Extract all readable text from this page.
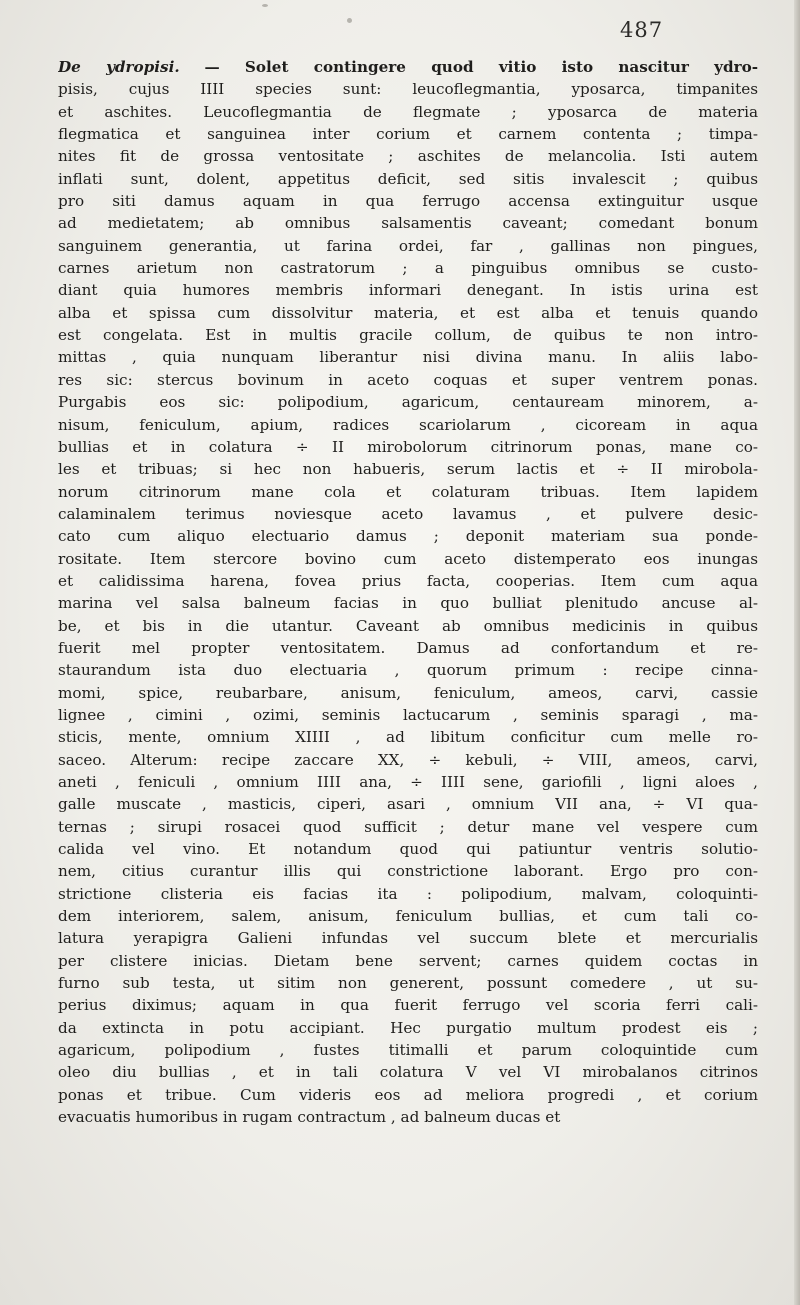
487
De ydropisi. — Solet contingere quod vitio isto nascitur ydro-
pisis, cujus IIII species sunt: leucoflegmantia, yposarca, timpanites
et aschites. Leucoflegmantia de flegmate ; yposarca de materia
flegmatica et sanguinea inter corium et carnem contenta ; timpa-
nites fit de grossa ventositate ; aschites de melancolia. Isti autem
inflati sunt, dolent, appetitus deficit, sed sitis invalescit ; quibus
pro siti damus aquam in qua ferrugo accensa extinguitur usque
ad medietatem; ab omnibus salsamentis caveant; comedant bonum
sanguinem generantia, ut farina ordei, far , gallinas non pingues,
carnes arietum non castratorum ; a pinguibus omnibus se custo-
diant quia humores membris informari denegant. In istis urina est
alba et spissa cum dissolvitur materia, et est alba et tenuis quando
est congelata. Est in multis gracile collum, de quibus te non intro-
mittas , quia nunquam liberantur nisi divina manu. In aliis labo-
res sic: stercus bovinum in aceto coquas et super ventrem ponas.
Purgabis eos sic: polipodium, agaricum, centauream minorem, a-
nisum, feniculum, apium, radices scariolarum , cicoream in aqua
bullias et in colatura ÷ II mirobolorum citrinorum ponas, mane co-
les et tribuas; si hec non habueris, serum lactis et ÷ II mirobola-
norum citrinorum mane cola et colaturam tribuas. Item lapidem
calaminalem terimus noviesque aceto lavamus , et pulvere desic-
cato cum aliquo electuario damus ; deponit materiam sua ponde-
rositate. Item stercore bovino cum aceto distemperato eos inungas
et calidissima harena, fovea prius facta, cooperias. Item cum aqua
marina vel salsa balneum facias in quo bulliat plenitudo ancuse al-
be, et bis in die utantur. Caveant ab omnibus medicinis in quibus
fuerit mel propter ventositatem. Damus ad confortandum et re-
staurandum ista duo electuaria , quorum primum : recipe cinna-
momi, spice, reubarbare, anisum, feniculum, ameos, carvi, cassie
lignee , cimini , ozimi, seminis lactucarum , seminis sparagi , ma-
sticis, mente, omnium XIIII , ad libitum conficitur cum melle ro-
saceo. Alterum: recipe zaccare XX, ÷ kebuli, ÷ VIII, ameos, carvi,
aneti , feniculi , omnium IIII ana, ÷ IIII sene, gariofili , ligni aloes ,
galle muscate , masticis, ciperi, asari , omnium VII ana, ÷ VI qua-
ternas ; sirupi rosacei quod sufficit ; detur mane vel vespere cum
calida vel vino. Et notandum quod qui patiuntur ventris solutio-
nem, citius curantur illis qui constrictione laborant. Ergo pro con-
strictione clisteria eis facias ita : polipodium, malvam, coloquinti-
dem interiorem, salem, anisum, feniculum bullias, et cum tali co-
latura yerapigra Galieni infundas vel succum blete et mercurialis
per clistere inicias. Dietam bene servent; carnes quidem coctas in
furno sub testa, ut sitim non generent, possunt comedere , ut su-
perius diximus; aquam in qua fuerit ferrugo vel scoria ferri cali-
da extincta in potu accipiant. Hec purgatio multum prodest eis ;
agaricum, polipodium , fustes titimalli et parum coloquintide cum
oleo diu bullias , et in tali colatura V vel VI mirobalanos citrinos
ponas et tribue. Cum videris eos ad meliora progredi , et corium
evacuatis humoribus in rugam contractum , ad balneum ducas et
